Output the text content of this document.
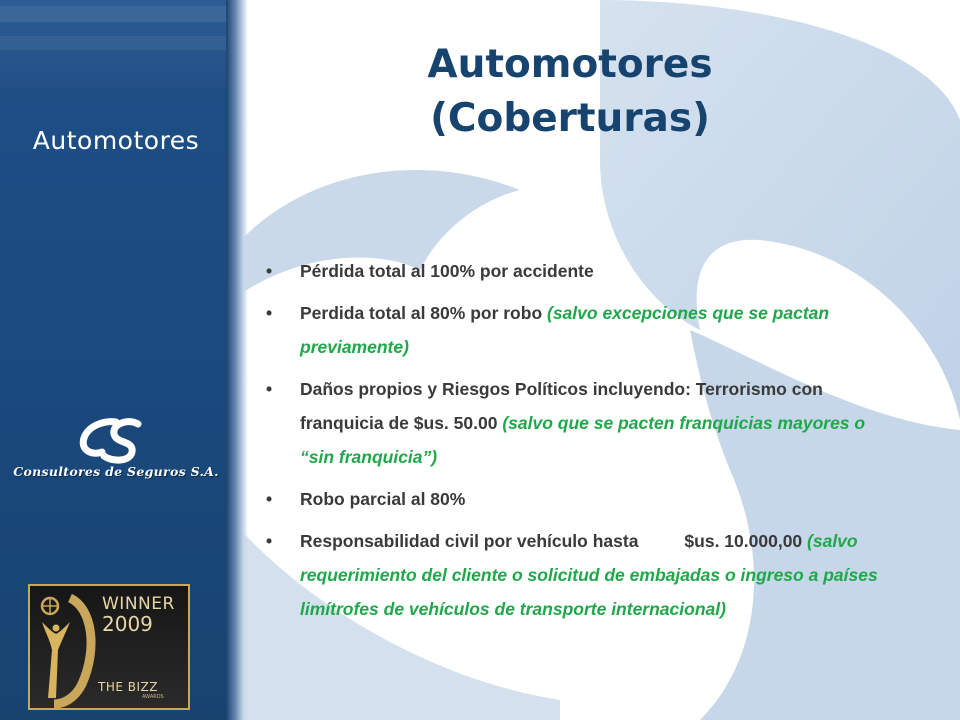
Automotores
Consultores de Seguros S.A.
WINNER
2009
THE BIZZ
AWARDS
Automotores
(Coberturas)
• Pérdida total al 100% por accidente
• Perdida total al 80% por robo (salvo excepciones que se pactan previamente)
• Daños propios y Riesgos Políticos incluyendo: Terrorismo con franquicia de $us. 50.00 (salvo que se pacten franquicias mayores o “sin franquicia”)
• Robo parcial al 80%
• Responsabilidad civil por vehículo hasta	$us. 10.000,00 (salvo requerimiento del cliente o solicitud de embajadas o ingreso a países limítrofes de vehículos de transporte internacional)
